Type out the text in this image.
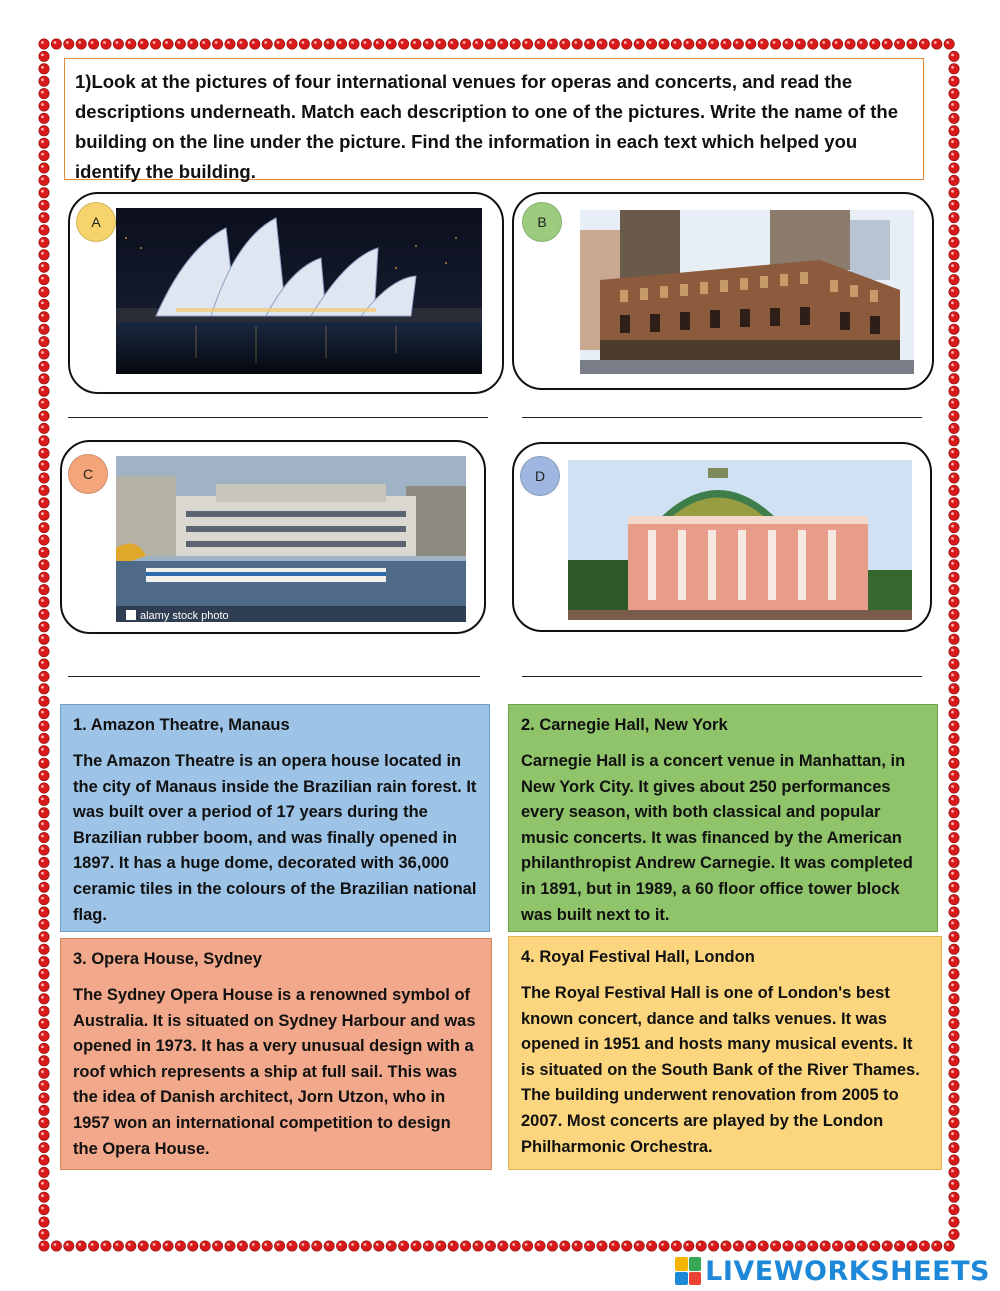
1)Look at the pictures of four international venues for operas and concerts, and read the descriptions underneath. Match each description to one of the pictures. Write the name of the building on the line under the picture. Find the information in each text which helped you identify the building.
A	B
alamy stock photo
C	D
1. Amazon Theatre, Manaus
The Amazon Theatre is an opera house located in the city of Manaus inside the Brazilian rain forest. It was built over a period of 17 years during the Brazilian rubber boom, and was finally opened in 1897. It has a huge dome, decorated with 36,000 ceramic tiles in the colours of the Brazilian national flag.
2. Carnegie Hall, New York
Carnegie Hall is a concert venue in Manhattan, in New York City. It gives about 250 performances every season, with both classical and popular music concerts. It was financed by the American philanthropist Andrew Carnegie. It was completed in 1891, but in 1989, a 60 floor office tower block was built next to it.
3. Opera House, Sydney
The Sydney Opera House is a renowned symbol of Australia. It is situated on Sydney Harbour and was opened in 1973. It has a very unusual design with a roof which represents a ship at full sail. This was the idea of Danish architect, Jorn Utzon, who in 1957 won an international competition to design the Opera House.
4. Royal Festival Hall, London
The Royal Festival Hall is one of London's best known concert, dance and talks venues. It was opened in 1951 and hosts many musical events. It is situated on the South Bank of the River Thames. The building underwent renovation from 2005 to 2007. Most concerts are played by the London Philharmonic Orchestra.
LIVEWORKSHEETS
